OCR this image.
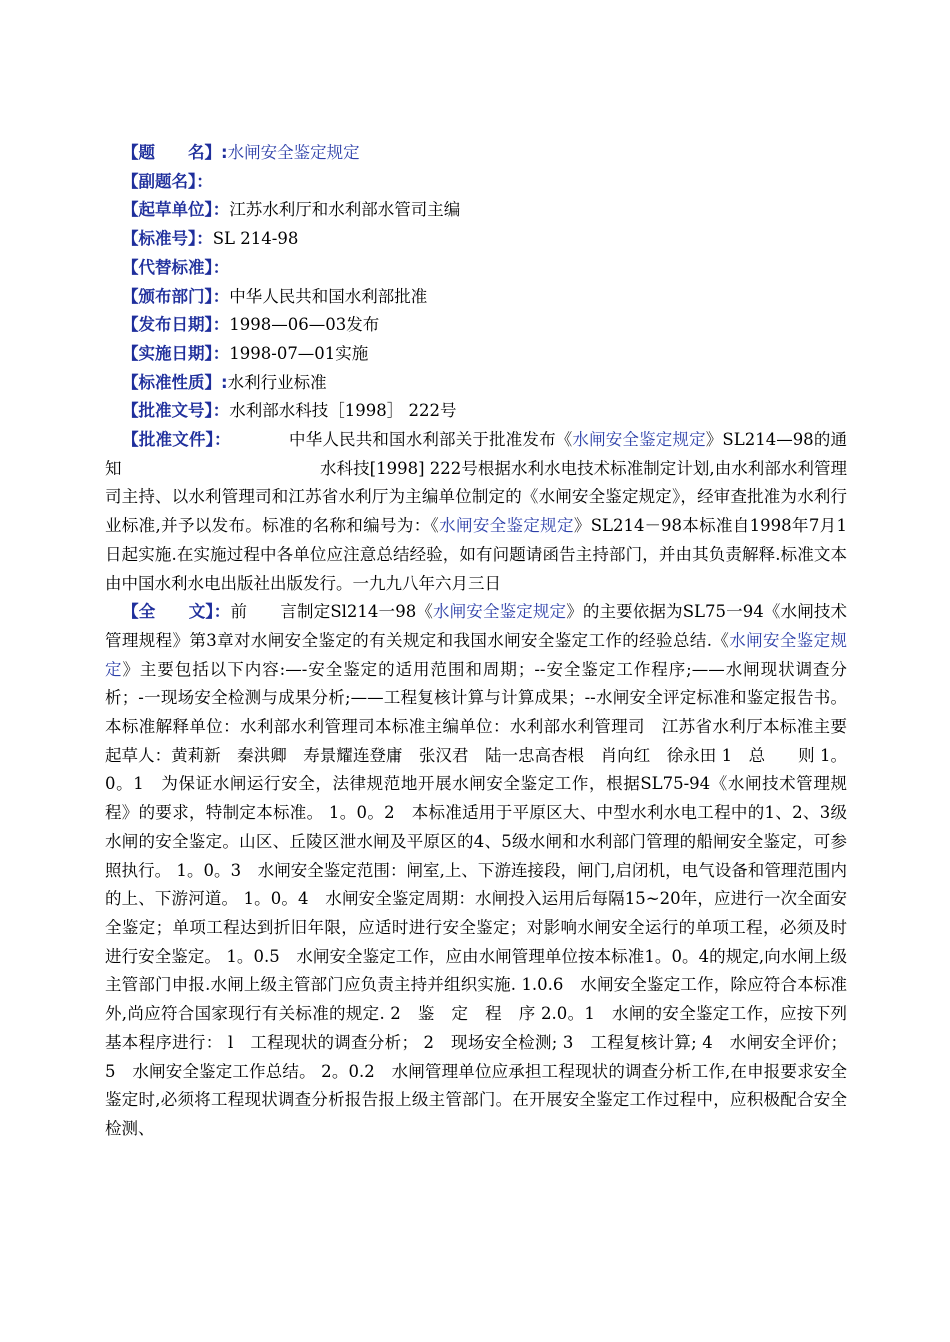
【题　　名】:水闸安全鉴定规定
【副题名】：
【起草单位】：江苏水利厅和水利部水管司主编
【标准号】：SL 214-98
【代替标准】：
【颁布部门】：中华人民共和国水利部批准
【发布日期】：1998—06—03发布
【实施日期】：1998-07—01实施
【标准性质】:水利行业标准
【批准文号】：水利部水科技［1998］ 222号
【批准文件】：　　　　中华人民共和国水利部关于批准发布《水闸安全鉴定规定》SL214—98的通知　　　　　　　　　　　　水科技[1998] 222号根据水利水电技术标准制定计划,由水利部水利管理司主持、以水利管理司和江苏省水利厅为主编单位制定的《水闸安全鉴定规定》，经审查批准为水利行业标准,并予以发布。标准的名称和编号为：《水闸安全鉴定规定》SL214－98本标准自1998年7月1日起实施.在实施过程中各单位应注意总结经验，如有问题请函告主持部门，并由其负责解释.标准文本由中国水利水电出版社出版发行。一九九八年六月三日
【全　　文】：前　　言制定Sl214一98《水闸安全鉴定规定》的主要依据为SL75一94《水闸技术管理规程》第3章对水闸安全鉴定的有关规定和我国水闸安全鉴定工作的经验总结.《水闸安全鉴定规定》主要包括以下内容:—-安全鉴定的适用范围和周期；--安全鉴定工作程序;——水闸现状调查分析；-一现场安全检测与成果分析;——工程复核计算与计算成果；--水闸安全评定标准和鉴定报告书。本标准解释单位：水利部水利管理司本标准主编单位：水利部水利管理司　江苏省水利厅本标准主要起草人：黄莉新　秦洪卿　寿景耀连登庸　张汉君　陆一忠高杏根　肖向红　徐永田 1　总　　则 1。0。1　为保证水闸运行安全，法律规范地开展水闸安全鉴定工作，根据SL75-94《水闸技术管理规程》的要求，特制定本标准。 1。0。2　本标准适用于平原区大、中型水利水电工程中的1、2、3级水闸的安全鉴定。山区、丘陵区泄水闸及平原区的4、5级水闸和水利部门管理的船闸安全鉴定，可参照执行。 1。0。3　水闸安全鉴定范围：闸室,上、下游连接段，闸门,启闭机，电气设备和管理范围内的上、下游河道。 1。0。4　水闸安全鉴定周期：水闸投入运用后每隔15~20年，应进行一次全面安全鉴定；单项工程达到折旧年限，应适时进行安全鉴定；对影响水闸安全运行的单项工程，必须及时进行安全鉴定。 1。0.5　水闸安全鉴定工作，应由水闸管理单位按本标准1。0。4的规定,向水闸上级主管部门申报.水闸上级主管部门应负责主持并组织实施. 1.0.6　水闸安全鉴定工作，除应符合本标准外,尚应符合国家现行有关标准的规定. 2　鉴　定　程　序 2.0。1　水闸的安全鉴定工作，应按下列基本程序进行： l　工程现状的调查分析； 2　现场安全检测; 3　工程复核计算; 4　水闸安全评价； 5　水闸安全鉴定工作总结。 2。0.2　水闸管理单位应承担工程现状的调查分析工作,在申报要求安全鉴定时,必须将工程现状调查分析报告报上级主管部门。在开展安全鉴定工作过程中，应积极配合安全检测、
